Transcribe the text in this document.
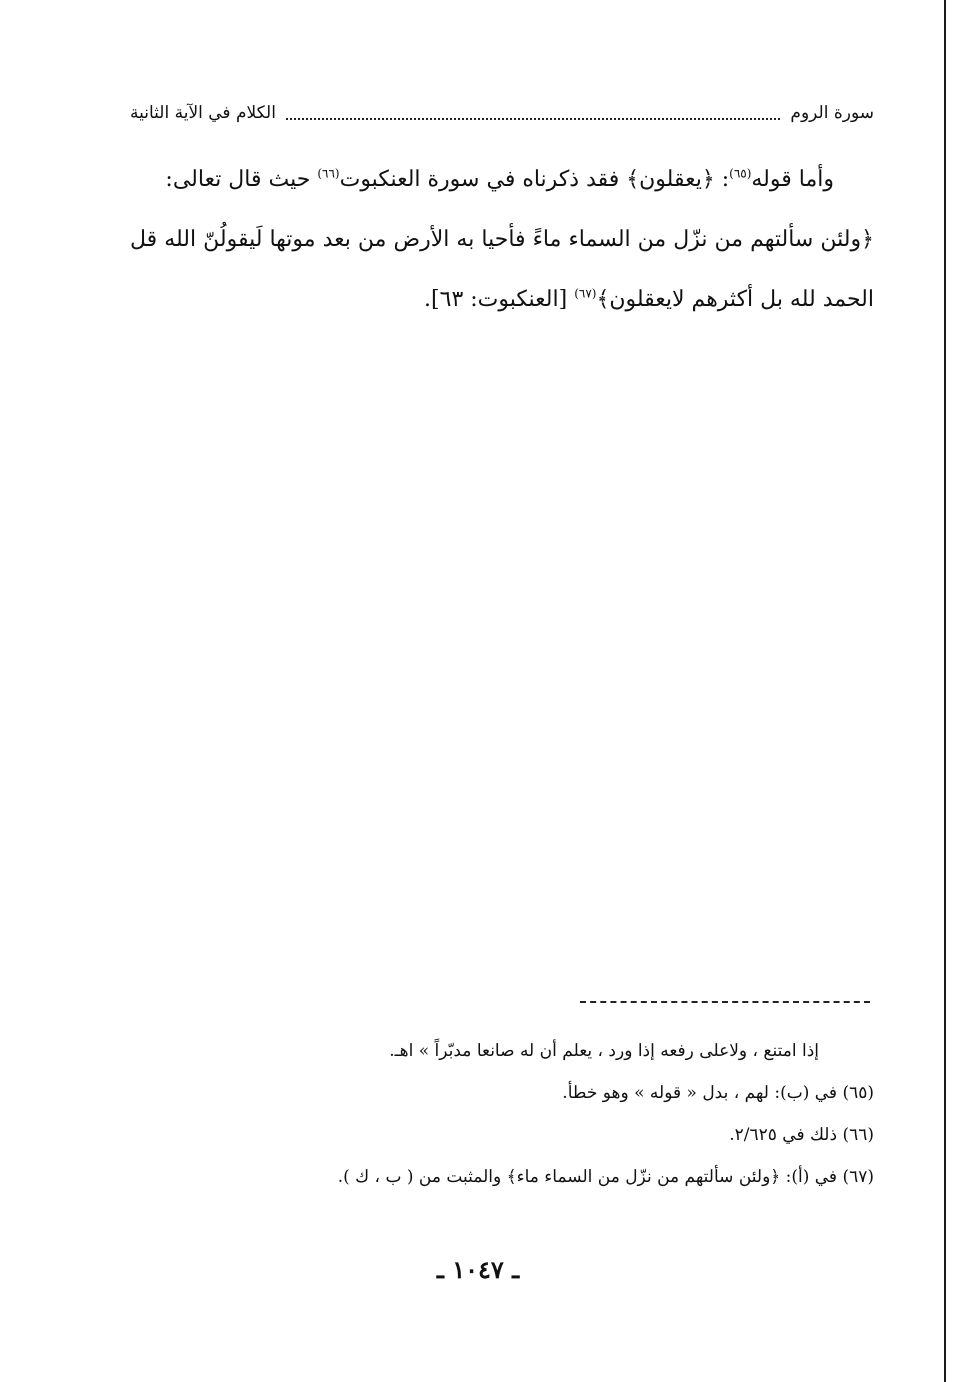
سورة الروم
الكلام في الآية الثانية

وأما قوله$^{(٦٥)}$: ﴿يعقلون﴾ فقد ذكرناه في سورة العنكبوت$^{(٦٦)}$ حيث قال تعالى:

﴿ولئن سألتهم من نزّل من السماء ماءً فأحيا به الأرض من بعد موتها لَيقولُنّ الله قل الحمد لله بل أكثرهم لايعقلون﴾$^{(٦٧)}$ [العنكبوت: ٦٣].

إذا امتنع ، ولاعلى رفعه إذا ورد ، يعلم أن له صانعا مدبّراً » اهـ.

(٦٥) في (ب): لهم ، بدل « قوله » وهو خطأ.

(٦٦) ذلك في ٢/٦٢٥.

(٦٧) في (أ): ﴿ولئن سألتهم من نزّل من السماء ماء﴾ والمثبت من ( ب ، ك ).

ـ ١٠٤٧ ـ
